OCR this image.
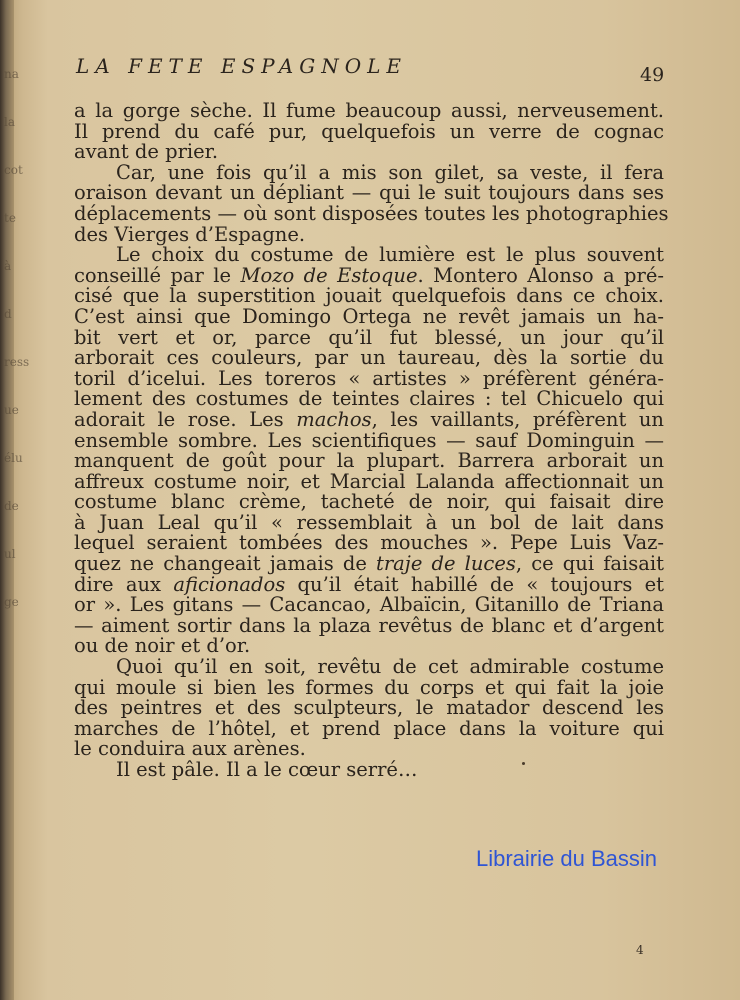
na
la
cot
te
à
d
ress
ue
élu
de
ul
ge
LA FETE ESPAGNOLE	49
a la gorge sèche. Il fume beaucoup aussi, nerveusement.
Il prend du café pur, quelquefois un verre de cognac
avant de prier.
Car, une fois qu’il a mis son gilet, sa veste, il fera
oraison devant un dépliant — qui le suit toujours dans ses
déplacements — où sont disposées toutes les photographies
des Vierges d’Espagne.
Le choix du costume de lumière est le plus souvent
conseillé par le Mozo de Estoque. Montero Alonso a pré-
cisé que la superstition jouait quelquefois dans ce choix.
C’est ainsi que Domingo Ortega ne revêt jamais un ha-
bit vert et or, parce qu’il fut blessé, un jour qu’il
arborait ces couleurs, par un taureau, dès la sortie du
toril d’icelui. Les toreros « artistes » préfèrent généra-
lement des costumes de teintes claires : tel Chicuelo qui
adorait le rose. Les machos, les vaillants, préfèrent un
ensemble sombre. Les scientifiques — sauf Dominguin —
manquent de goût pour la plupart. Barrera arborait un
affreux costume noir, et Marcial Lalanda affectionnait un
costume blanc crème, tacheté de noir, qui faisait dire
à Juan Leal qu’il « ressemblait à un bol de lait dans
lequel seraient tombées des mouches ». Pepe Luis Vaz-
quez ne changeait jamais de traje de luces, ce qui faisait
dire aux aficionados qu’il était habillé de « toujours et
or ». Les gitans — Cacancao, Albaïcin, Gitanillo de Triana
— aiment sortir dans la plaza revêtus de blanc et d’argent
ou de noir et d’or.
Quoi qu’il en soit, revêtu de cet admirable costume
qui moule si bien les formes du corps et qui fait la joie
des peintres et des sculpteurs, le matador descend les
marches de l’hôtel, et prend place dans la voiture qui
le conduira aux arènes.
Il est pâle. Il a le cœur serré…
Librairie du Bassin
4
